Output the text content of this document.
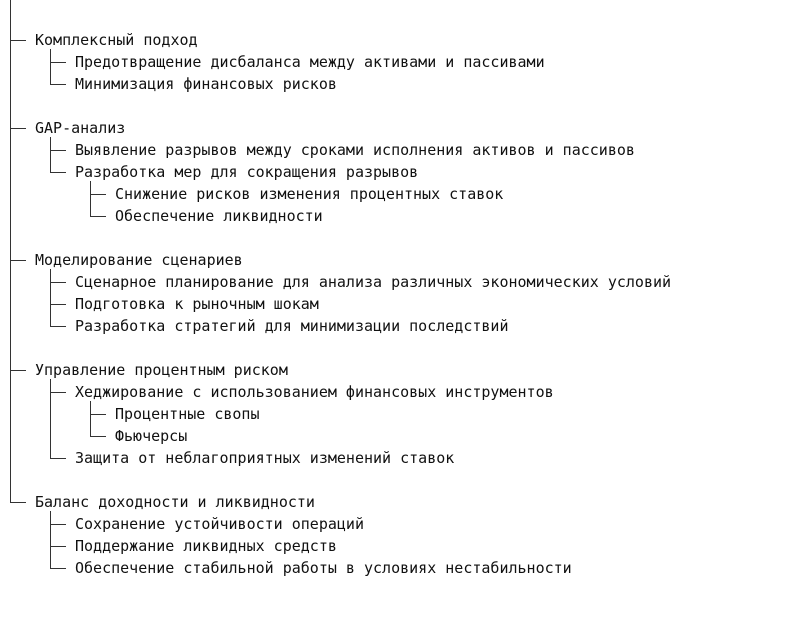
Комплексный подход
Предотвращение дисбаланса между активами и пассивами
Минимизация финансовых рисков
GAP-анализ
Выявление разрывов между сроками исполнения активов и пассивов
Разработка мер для сокращения разрывов
Снижение рисков изменения процентных ставок
Обеспечение ликвидности
Моделирование сценариев
Сценарное планирование для анализа различных экономических условий
Подготовка к рыночным шокам
Разработка стратегий для минимизации последствий
Управление процентным риском
Хеджирование с использованием финансовых инструментов
Процентные свопы
Фьючерсы
Защита от неблагоприятных изменений ставок
Баланс доходности и ликвидности
Сохранение устойчивости операций
Поддержание ликвидных средств
Обеспечение стабильной работы в условиях нестабильности
